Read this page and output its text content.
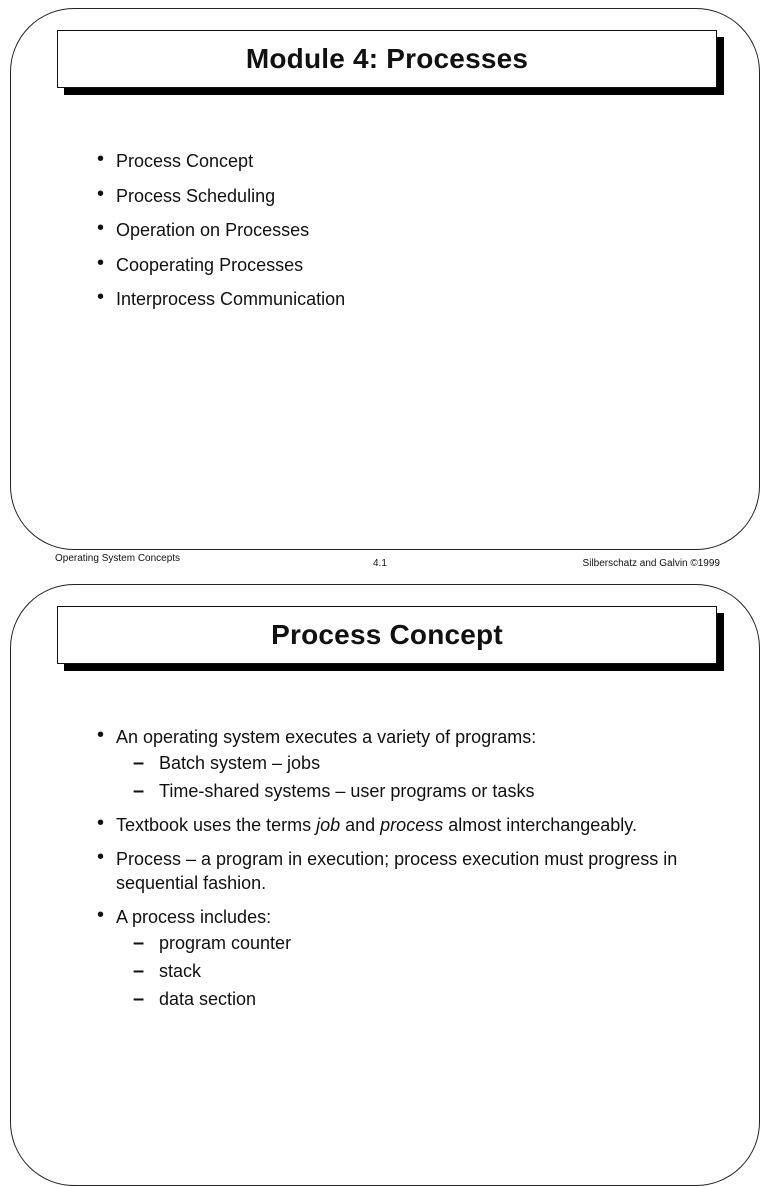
Module 4: Processes
• Process Concept
• Process Scheduling
• Operation on Processes
• Cooperating Processes
• Interprocess Communication
Operating System Concepts	4.1	Silberschatz and Galvin ©1999
Process Concept
• An operating system executes a variety of programs:
– Batch system – jobs
– Time-shared systems – user programs or tasks
• Textbook uses the terms job and process almost interchangeably.
• Process – a program in execution; process execution must progress in sequential fashion.
• A process includes:
– program counter
– stack
– data section
